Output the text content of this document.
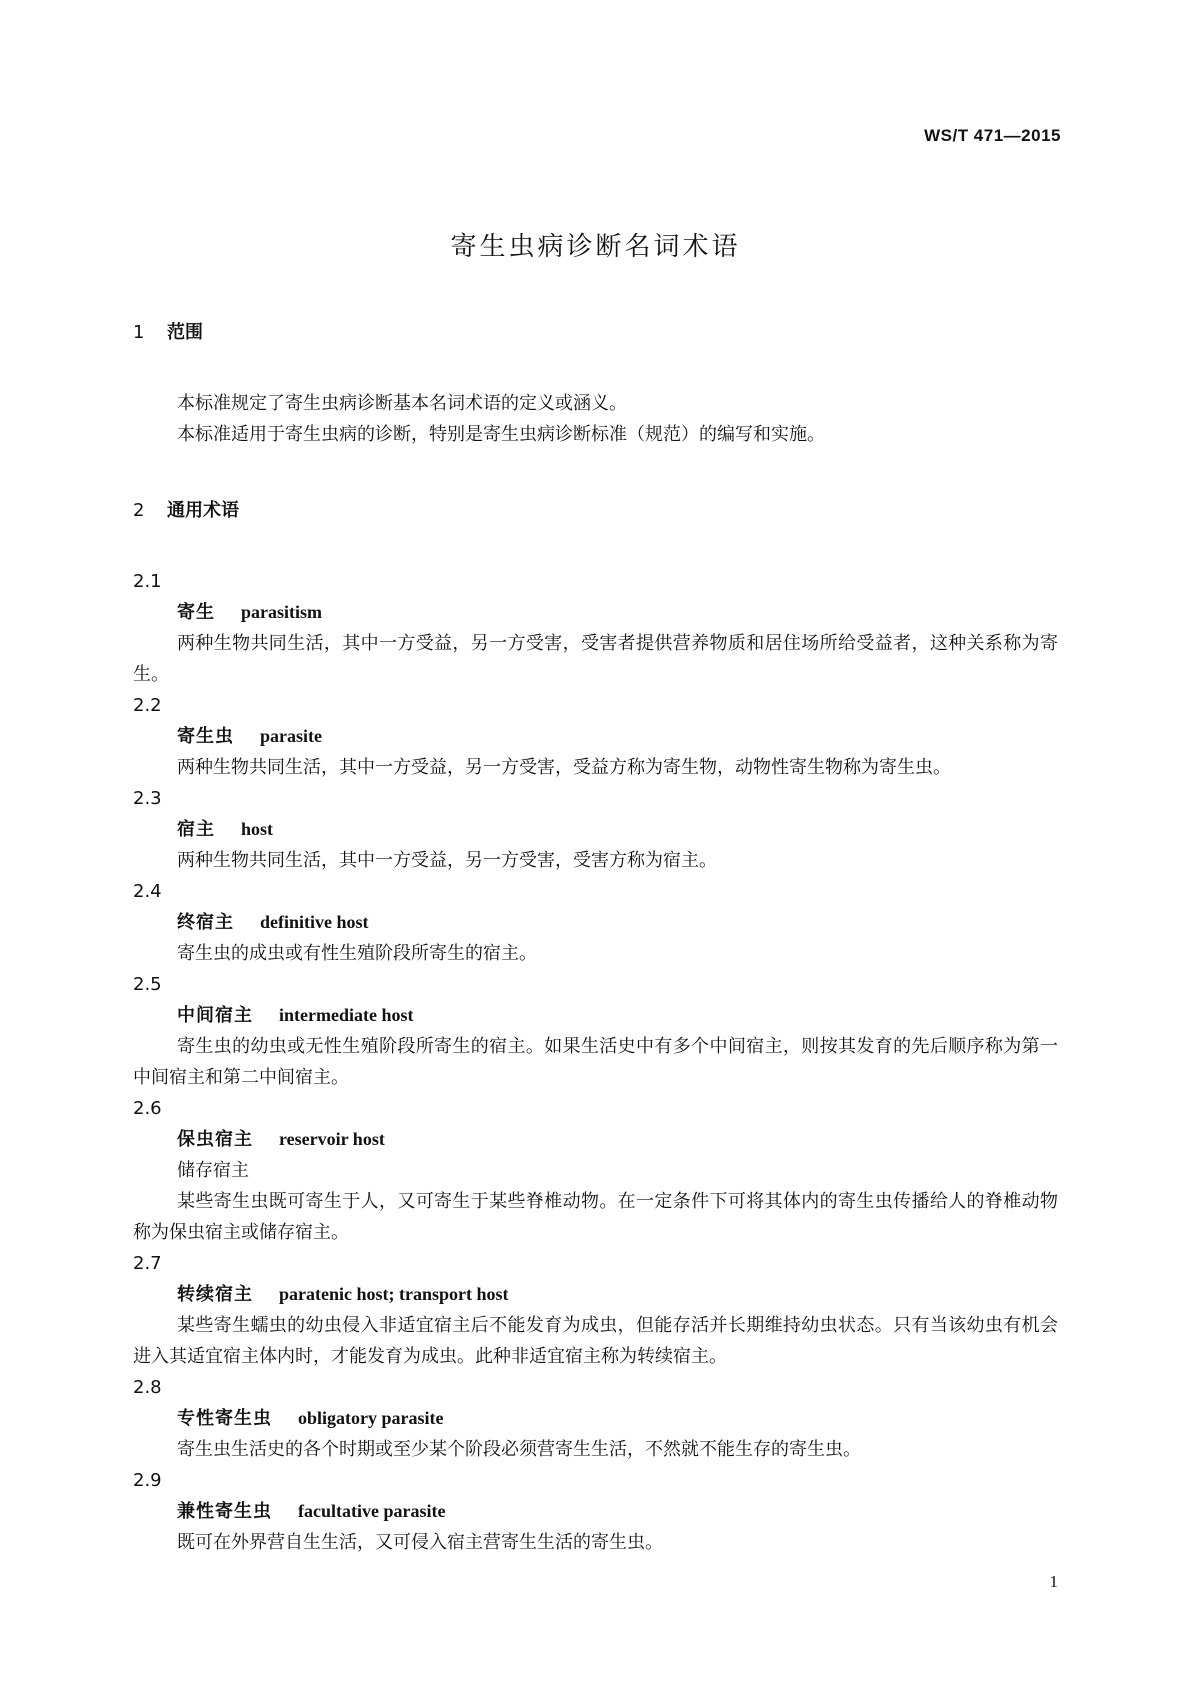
WS/T 471—2015
寄生虫病诊断名词术语
1 范围
本标准规定了寄生虫病诊断基本名词术语的定义或涵义。
本标准适用于寄生虫病的诊断，特别是寄生虫病诊断标准（规范）的编写和实施。
2 通用术语
2.1
寄生 parasitism
两种生物共同生活，其中一方受益，另一方受害，受害者提供营养物质和居住场所给受益者，这种关系称为寄生。
2.2
寄生虫 parasite
两种生物共同生活，其中一方受益，另一方受害，受益方称为寄生物，动物性寄生物称为寄生虫。
2.3
宿主 host
两种生物共同生活，其中一方受益，另一方受害，受害方称为宿主。
2.4
终宿主 definitive host
寄生虫的成虫或有性生殖阶段所寄生的宿主。
2.5
中间宿主 intermediate host
寄生虫的幼虫或无性生殖阶段所寄生的宿主。如果生活史中有多个中间宿主，则按其发育的先后顺序称为第一中间宿主和第二中间宿主。
2.6
保虫宿主 reservoir host
储存宿主
某些寄生虫既可寄生于人，又可寄生于某些脊椎动物。在一定条件下可将其体内的寄生虫传播给人的脊椎动物称为保虫宿主或储存宿主。
2.7
转续宿主 paratenic host; transport host
某些寄生蠕虫的幼虫侵入非适宜宿主后不能发育为成虫，但能存活并长期维持幼虫状态。只有当该幼虫有机会进入其适宜宿主体内时，才能发育为成虫。此种非适宜宿主称为转续宿主。
2.8
专性寄生虫 obligatory parasite
寄生虫生活史的各个时期或至少某个阶段必须营寄生生活，不然就不能生存的寄生虫。
2.9
兼性寄生虫 facultative parasite
既可在外界营自生生活，又可侵入宿主营寄生生活的寄生虫。
1
